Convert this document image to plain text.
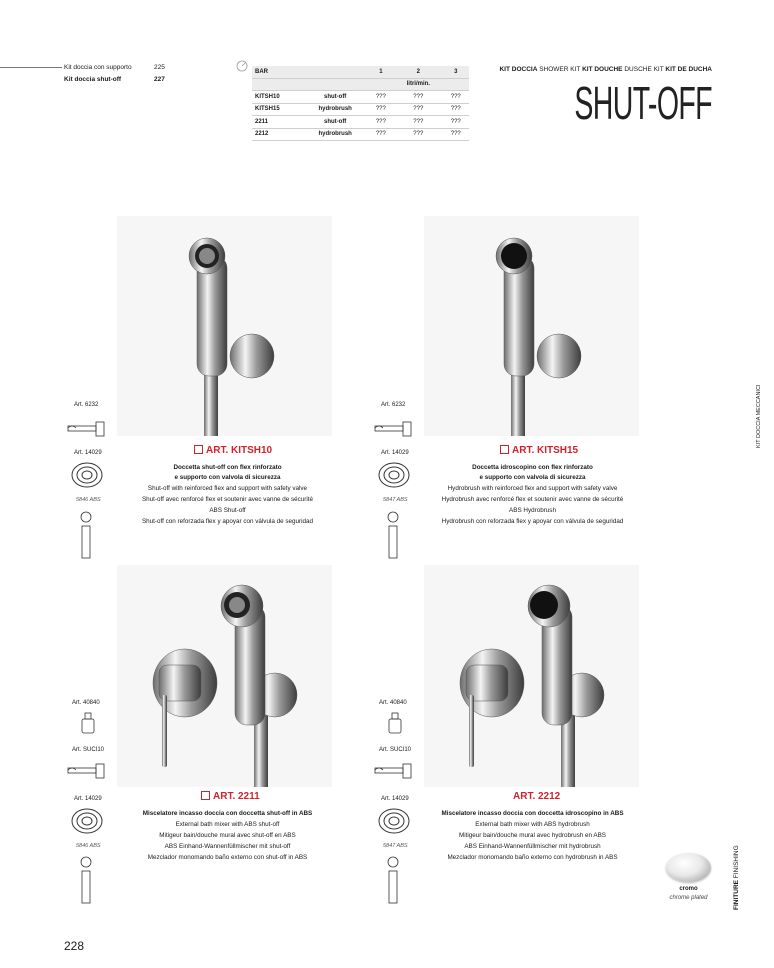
Kit doccia con supporto	225
Kit doccia shut-off	227
BAR		1	2	3
			litri/min.	
KITSH10	shut-off	???	???	???
KITSH15	hydrobrush	???	???	???
2211	shut-off	???	???	???
2212	hydrobrush	???	???	???
KIT DOCCIA SHOWER KIT KIT DOUCHE DUSCHE KIT KIT DE DUCHA
SHUT-OFF
Art. 6232
Art. 14029
5846 ABS
ART. KITSH10
Doccetta shut-off con flex rinforzato
e supporto con valvola di sicurezza
Shut-off with reinforced flex and support with safety valve
Shut-off avec renforcé flex et soutenir avec vanne de sécurité
ABS Shut-off
Shut-off con reforzada flex y apoyar con válvula de seguridad
Art. 6232
Art. 14029
5847 ABS
ART. KITSH15
Doccetta idroscopino con flex rinforzato
e supporto con valvola di sicurezza
Hydrobrush with reinforced flex and support with safety valve
Hydrobrush avec renforcé flex et soutenir avec vanne de sécurité
ABS Hydrobrush
Hydrobrush con reforzada flex y apoyar con válvula de seguridad
Art. 40840
Art. SUCI10
Art. 14029
5846 ABS
ART. 2211
Miscelatore incasso doccia con doccetta shut-off in ABS
External bath mixer with ABS shut-off
Mitigeur bain/douche mural avec shut-off en ABS
ABS Einhand-Wannenfüllmischer mit shut-off
Mezclador monomando baño externo con shut-off in ABS
Art. 40840
Art. SUCI10
Art. 14029
5847 ABS
ART. 2212
Miscelatore incasso doccia con doccetta idroscopino in ABS
External bath mixer with ABS hydrobrush
Mitigeur bain/douche mural avec hydrobrush en ABS
ABS Einhand-Wannenfüllmischer mit hydrobrush
Mezclador monomando baño externo con hydrobrush in ABS
KIT DOCCIA MECCANICI
cromo
chrome plated	FINITURE FINISHING
228
